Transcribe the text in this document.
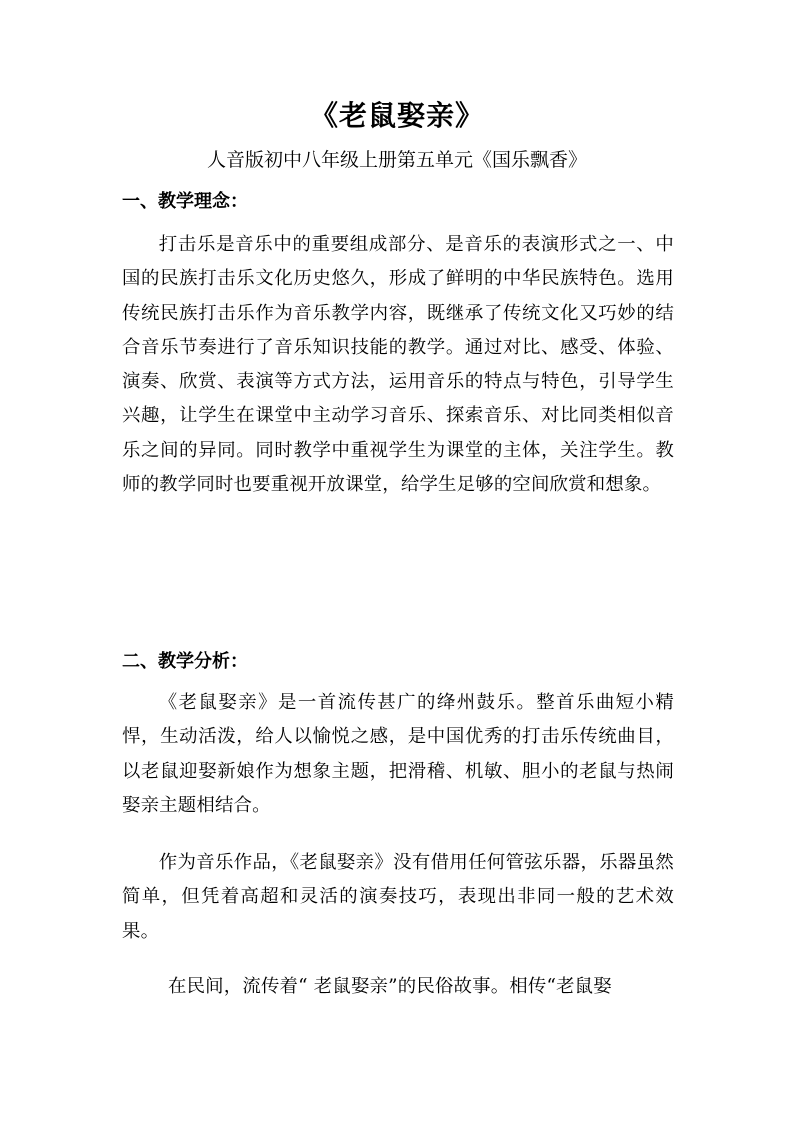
《老鼠娶亲》
人音版初中八年级上册第五单元《国乐飘香》
一、教学理念：
打击乐是音乐中的重要组成部分、是音乐的表演形式之一、中国的民族打击乐文化历史悠久，形成了鲜明的中华民族特色。选用传统民族打击乐作为音乐教学内容，既继承了传统文化又巧妙的结合音乐节奏进行了音乐知识技能的教学。通过对比、感受、体验、演奏、欣赏、表演等方式方法，运用音乐的特点与特色，引导学生兴趣，让学生在课堂中主动学习音乐、探索音乐、对比同类相似音乐之间的异同。同时教学中重视学生为课堂的主体，关注学生。教师的教学同时也要重视开放课堂，给学生足够的空间欣赏和想象。
二、教学分析：
《老鼠娶亲》是一首流传甚广的绛州鼓乐。整首乐曲短小精悍，生动活泼，给人以愉悦之感，是中国优秀的打击乐传统曲目，以老鼠迎娶新娘作为想象主题，把滑稽、机敏、胆小的老鼠与热闹娶亲主题相结合。
作为音乐作品，《老鼠娶亲》没有借用任何管弦乐器，乐器虽然简单，但凭着高超和灵活的演奏技巧，表现出非同一般的艺术效果。
在民间，流传着“ 老鼠娶亲”的民俗故事。相传“老鼠娶
